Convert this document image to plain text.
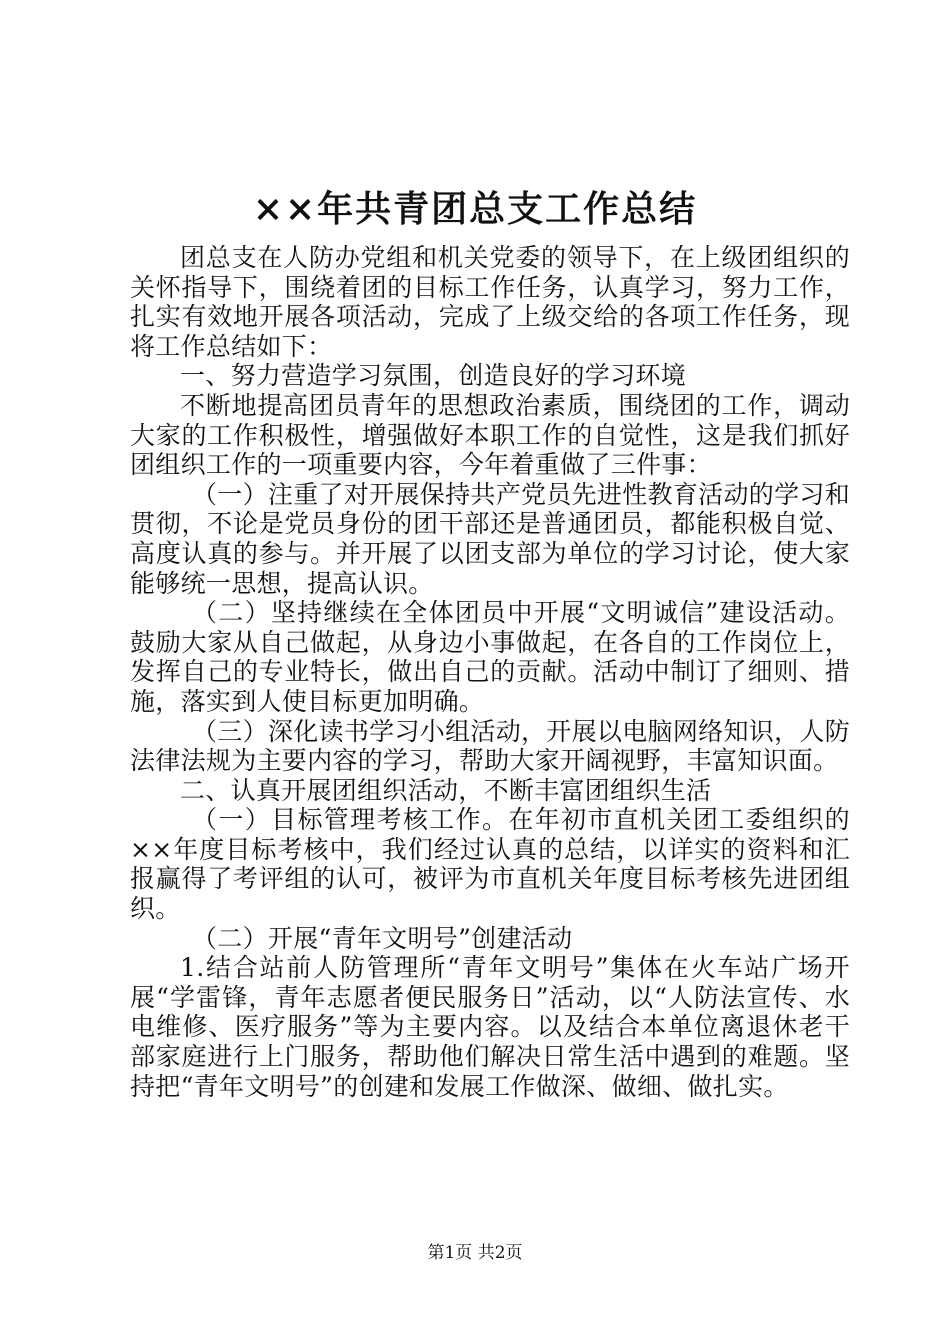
××年共青团总支工作总结

团总支在人防办党组和机关党委的领导下，在上级团组织的关怀指导下，围绕着团的目标工作任务，认真学习，努力工作，扎实有效地开展各项活动，完成了上级交给的各项工作任务，现将工作总结如下：

一、努力营造学习氛围，创造良好的学习环境

不断地提高团员青年的思想政治素质，围绕团的工作，调动大家的工作积极性，增强做好本职工作的自觉性，这是我们抓好团组织工作的一项重要内容，今年着重做了三件事：

（一）注重了对开展保持共产党员先进性教育活动的学习和贯彻，不论是党员身份的团干部还是普通团员，都能积极自觉、高度认真的参与。并开展了以团支部为单位的学习讨论，使大家能够统一思想，提高认识。

（二）坚持继续在全体团员中开展“文明诚信”建设活动。鼓励大家从自己做起，从身边小事做起，在各自的工作岗位上，发挥自己的专业特长，做出自己的贡献。活动中制订了细则、措施，落实到人使目标更加明确。

（三）深化读书学习小组活动，开展以电脑网络知识，人防法律法规为主要内容的学习，帮助大家开阔视野，丰富知识面。

二、认真开展团组织活动，不断丰富团组织生活

（一）目标管理考核工作。在年初市直机关团工委组织的××年度目标考核中，我们经过认真的总结，以详实的资料和汇报赢得了考评组的认可，被评为市直机关年度目标考核先进团组织。

（二）开展“青年文明号”创建活动

1.结合站前人防管理所“青年文明号”集体在火车站广场开展“学雷锋，青年志愿者便民服务日”活动，以“人防法宣传、水电维修、医疗服务”等为主要内容。以及结合本单位离退休老干部家庭进行上门服务，帮助他们解决日常生活中遇到的难题。坚持把“青年文明号”的创建和发展工作做深、做细、做扎实。

第1页 共2页
